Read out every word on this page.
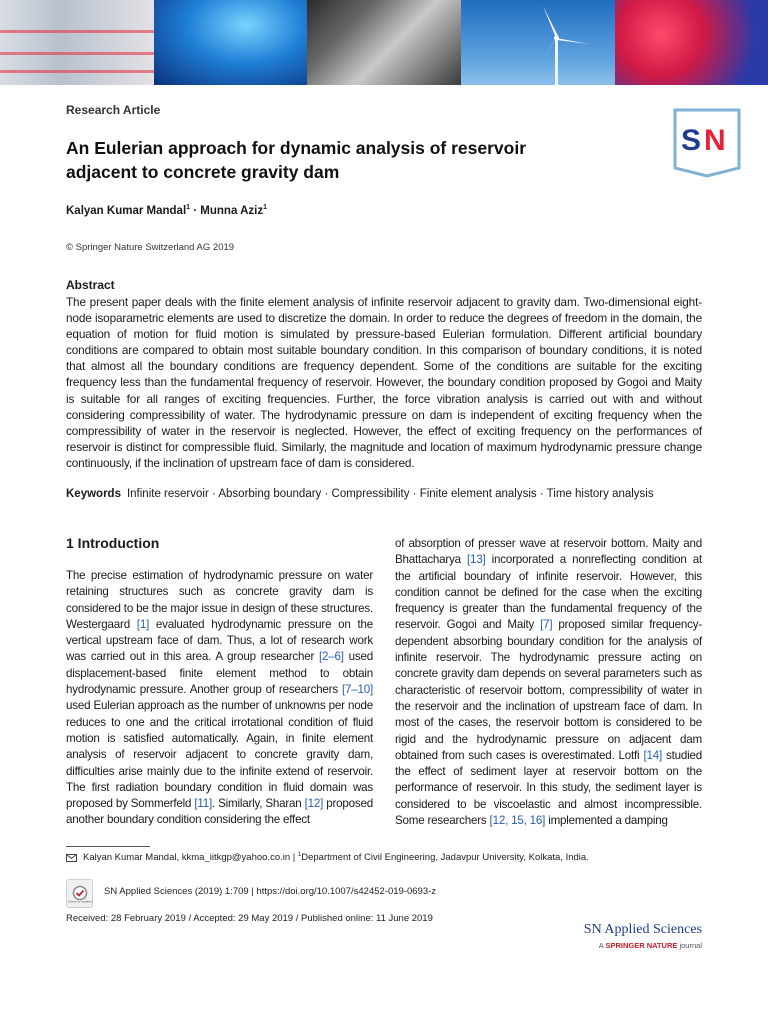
S N
Research Article
An Eulerian approach for dynamic analysis of reservoir adjacent to concrete gravity dam
Kalyan Kumar Mandal$^1$ · Munna Aziz$^1$
© Springer Nature Switzerland AG 2019
Abstract

The present paper deals with the finite element analysis of infinite reservoir adjacent to gravity dam. Two-dimensional eight-node isoparametric elements are used to discretize the domain. In order to reduce the degrees of freedom in the domain, the equation of motion for fluid motion is simulated by pressure-based Eulerian formulation. Different artificial boundary conditions are compared to obtain most suitable boundary condition. In this comparison of boundary conditions, it is noted that almost all the boundary conditions are frequency dependent. Some of the conditions are suitable for the exciting frequency less than the fundamental frequency of reservoir. However, the boundary condition proposed by Gogoi and Maity is suitable for all ranges of exciting frequencies. Further, the force vibration analysis is carried out with and without considering compressibility of water. The hydrodynamic pressure on dam is independent of exciting frequency when the compressibility of water in the reservoir is neglected. However, the effect of exciting frequency on the performances of reservoir is distinct for compressible fluid. Similarly, the magnitude and location of maximum hydrodynamic pressure change continuously, if the inclination of upstream face of dam is considered.

Keywords Infinite reservoir · Absorbing boundary · Compressibility · Finite element analysis · Time history analysis
1 Introduction

The precise estimation of hydrodynamic pressure on water retaining structures such as concrete gravity dam is considered to be the major issue in design of these structures. Westergaard [1] evaluated hydrodynamic pressure on the vertical upstream face of dam. Thus, a lot of research work was carried out in this area. A group researcher [2–6] used displacement-based finite element method to obtain hydrodynamic pressure. Another group of researchers [7–10] used Eulerian approach as the number of unknowns per node reduces to one and the critical irrotational condition of fluid motion is satisfied automatically. Again, in finite element analysis of reservoir adjacent to concrete gravity dam, difficulties arise mainly due to the infinite extend of reservoir. The first radiation boundary condition in fluid domain was proposed by Sommerfeld [11]. Similarly, Sharan [12] proposed another boundary condition considering the effect

of absorption of presser wave at reservoir bottom. Maity and Bhattacharya [13] incorporated a nonreflecting condition at the artificial boundary of infinite reservoir. However, this condition cannot be defined for the case when the exciting frequency is greater than the fundamental frequency of the reservoir. Gogoi and Maity [7] proposed similar frequency-dependent absorbing boundary condition for the analysis of infinite reservoir. The hydrodynamic pressure acting on concrete gravity dam depends on several parameters such as characteristic of reservoir bottom, compressibility of water in the reservoir and the inclination of upstream face of dam. In most of the cases, the reservoir bottom is considered to be rigid and the hydrodynamic pressure on adjacent dam obtained from such cases is overestimated. Lotfi [14] studied the effect of sediment layer at reservoir bottom on the performance of reservoir. In this study, the sediment layer is considered to be viscoelastic and almost incompressible. Some researchers [12, 15, 16] implemented a damping

Kalyan Kumar Mandal, kkma_iitkgp@yahoo.co.in | $^1$Department of Civil Engineering, Jadavpur University, Kolkata, India.
Check for updates
SN Applied Sciences (2019) 1:709 | https://doi.org/10.1007/s42452-019-0693-z
Received: 28 February 2019 / Accepted: 29 May 2019 / Published online: 11 June 2019
SN Applied Sciences
A SPRINGER NATURE journal
